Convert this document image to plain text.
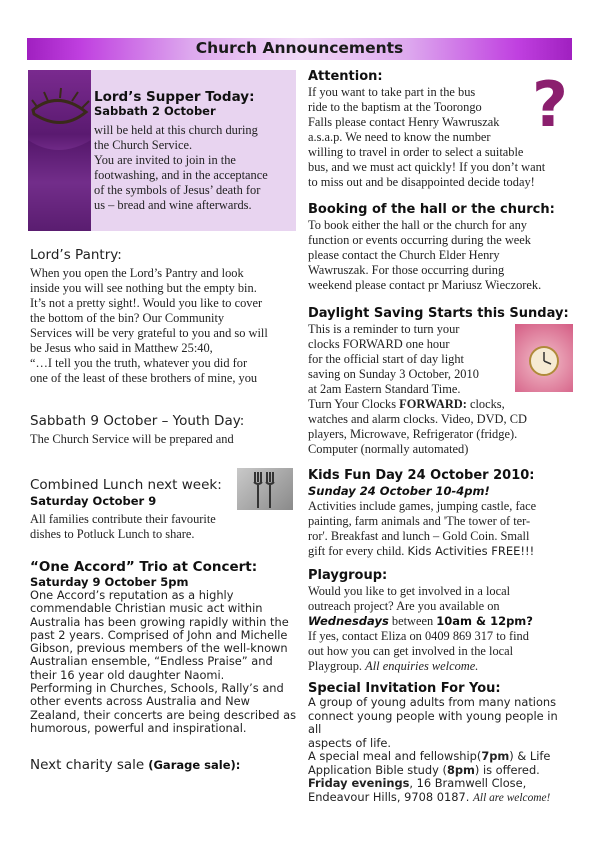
Church Announcements
Lord’s Supper Today:
Sabbath 2 October
will be held at this church during
the Church Service.
You are invited to join in the
footwashing, and in the acceptance
of the symbols of Jesus’ death for
us – bread and wine afterwards.
Lord’s Pantry:
When you open the Lord’s Pantry and look
inside you will see nothing but the empty bin.
It’s not a pretty sight!. Would you like to cover
the bottom of the bin? Our Community
Services will be very grateful to you and so will
be Jesus who said in Matthew 25:40,
“…I tell you the truth, whatever you did for
one of the least of these brothers of mine, you
Sabbath 9 October – Youth Day:
The Church Service will be prepared and
Combined Lunch next week:
Saturday October 9
All families contribute their favourite
dishes to Potluck Lunch to share.
“One Accord” Trio at Concert:
Saturday 9 October 5pm
One Accord’s reputation as a highly
commendable Christian music act within
Australia has been growing rapidly within the
past 2 years. Comprised of John and Michelle
Gibson, previous members of the well-known
Australian ensemble, “Endless Praise” and
their 16 year old daughter Naomi.
Performing in Churches, Schools, Rally’s and
other events across Australia and New
Zealand, their concerts are being described as
humorous, powerful and inspirational.
Next charity sale (Garage sale):
Attention:
If you want to take part in the bus
ride to the baptism at the Toorongo
Falls please contact Henry Wawruszak
a.s.a.p. We need to know the number
willing to travel in order to select a suitable
bus, and we must act quickly! If you don’t want
to miss out and be disappointed decide today!
?
Booking of the hall or the church:
To book either the hall or the church for any
function or events occurring during the week
please contact the Church Elder Henry
Wawruszak. For those occurring during
weekend please contact pr Mariusz Wieczorek.
Daylight Saving Starts this Sunday:
This is a reminder to turn your
clocks FORWARD one hour
for the official start of day light
saving on Sunday 3 October, 2010
at 2am Eastern Standard Time.
Turn Your Clocks FORWARD: clocks,
watches and alarm clocks. Video, DVD, CD
players, Microwave, Refrigerator (fridge).
Computer (normally automated)
Kids Fun Day 24 October 2010:
Sunday 24 October 10-4pm!
Activities include games, jumping castle, face
painting, farm animals and 'The tower of ter-
ror'. Breakfast and lunch – Gold Coin. Small
gift for every child. Kids Activities FREE!!!
Playgroup:
Would you like to get involved in a local
outreach project? Are you available on
Wednesdays between 10am & 12pm?
If yes, contact Eliza on 0409 869 317 to find
out how you can get involved in the local
Playgroup. All enquiries welcome.
Special Invitation For You:
A group of young adults from many nations
connect young people with young people in all
aspects of life.
A special meal and fellowship(7pm) & Life
Application Bible study (8pm) is offered.
Friday evenings, 16 Bramwell Close,
Endeavour Hills, 9708 0187. All are welcome!
